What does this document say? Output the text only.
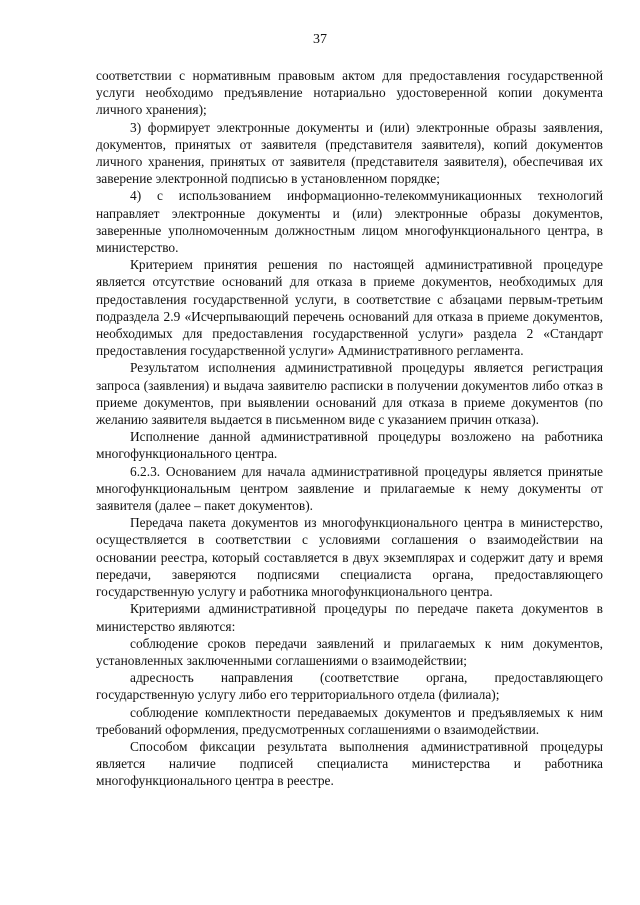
37

соответствии с нормативным правовым актом для предоставления государственной услуги необходимо предъявление нотариально удостоверенной копии документа личного хранения);

3) формирует электронные документы и (или) электронные образы заявления, документов, принятых от заявителя (представителя заявителя), копий документов личного хранения, принятых от заявителя (представителя заявителя), обеспечивая их заверение электронной подписью в установленном порядке;

4) с использованием информационно-телекоммуникационных технологий направляет электронные документы и (или) электронные образы документов, заверенные уполномоченным должностным лицом многофункционального центра, в министерство.

Критерием принятия решения по настоящей административной процедуре является отсутствие оснований для отказа в приеме документов, необходимых для предоставления государственной услуги, в соответствие с абзацами первым-третьим подраздела 2.9 «Исчерпывающий перечень оснований для отказа в приеме документов, необходимых для предоставления государственной услуги» раздела 2 «Стандарт предоставления государственной услуги» Административного регламента.

Результатом исполнения административной процедуры является регистрация запроса (заявления) и выдача заявителю расписки в получении документов либо отказ в приеме документов, при выявлении оснований для отказа в приеме документов (по желанию заявителя выдается в письменном виде с указанием причин отказа).

Исполнение данной административной процедуры возложено на работника многофункционального центра.

6.2.3. Основанием для начала административной процедуры является принятые многофункциональным центром заявление и прилагаемые к нему документы от заявителя (далее – пакет документов).

Передача пакета документов из многофункционального центра в министерство, осуществляется в соответствии с условиями соглашения о взаимодействии на основании реестра, который составляется в двух экземплярах и содержит дату и время передачи, заверяются подписями специалиста органа, предоставляющего государственную услугу и работника многофункционального центра.

Критериями административной процедуры по передаче пакета документов в министерство являются:

соблюдение сроков передачи заявлений и прилагаемых к ним документов, установленных заключенными соглашениями о взаимодействии;

адресность направления (соответствие органа, предоставляющего государственную услугу либо его территориального отдела (филиала);

соблюдение комплектности передаваемых документов и предъявляемых к ним требований оформления, предусмотренных соглашениями о взаимодействии.

Способом фиксации результата выполнения административной процедуры является наличие подписей специалиста министерства и работника многофункционального центра в реестре.
